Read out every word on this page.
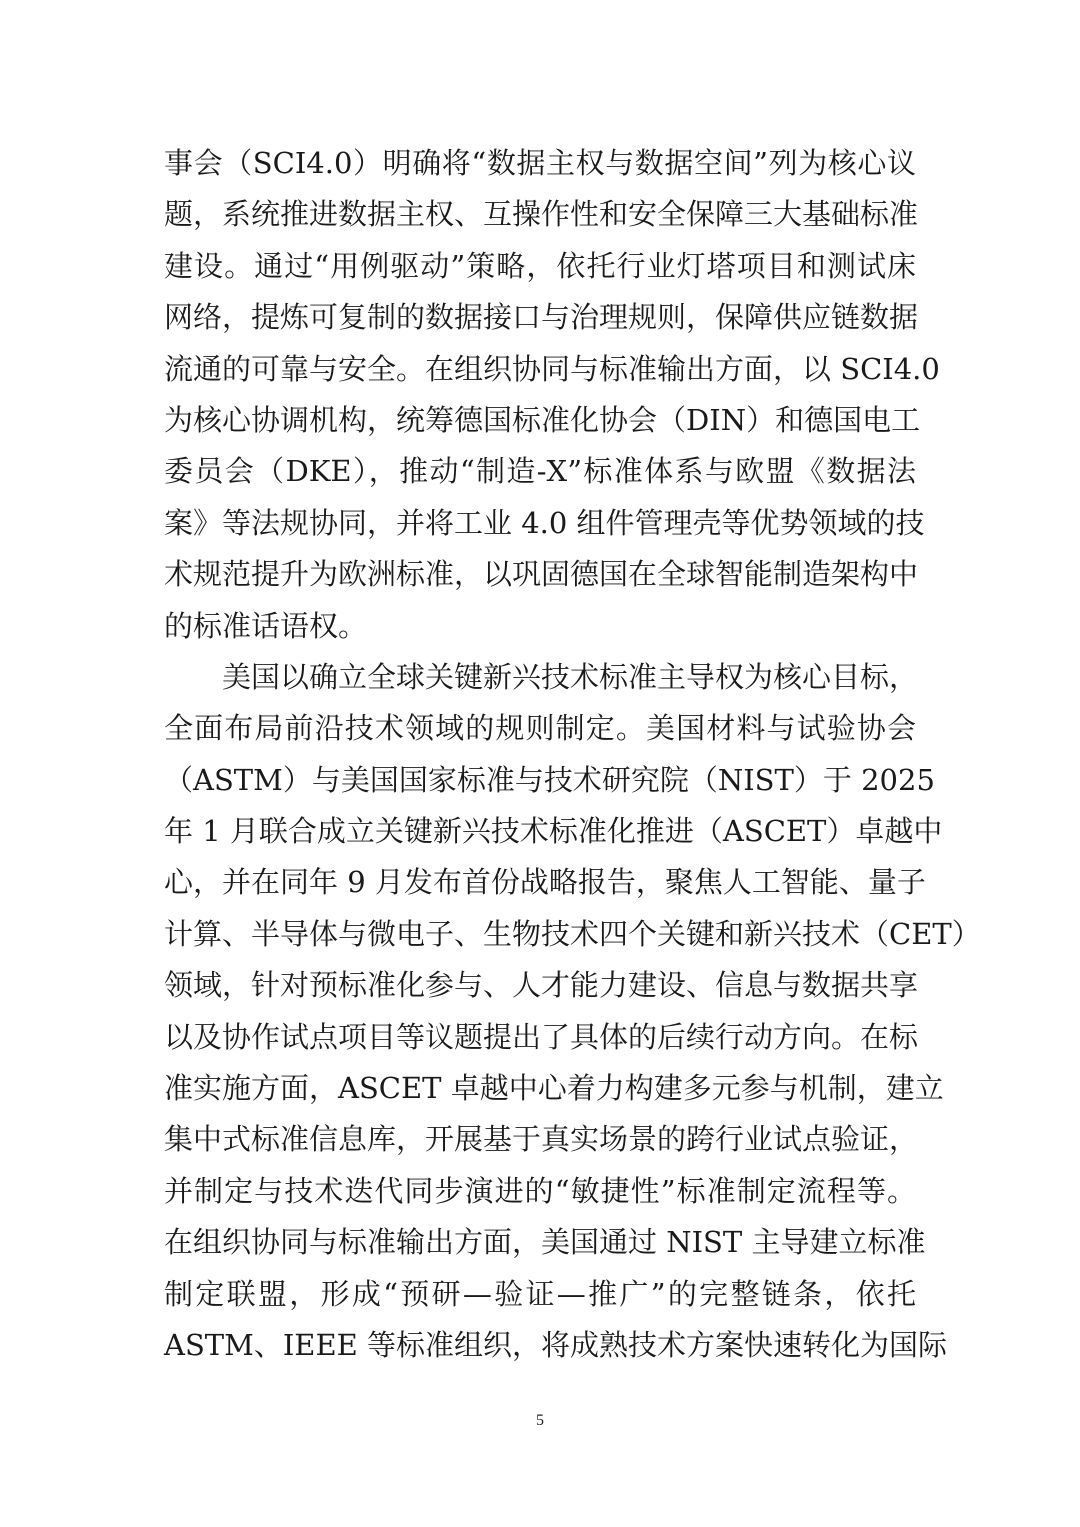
事会（SCI4.0）明确将“数据主权与数据空间”列为核心议
题，系统推进数据主权、互操作性和安全保障三大基础标准
建设。通过“用例驱动”策略，依托行业灯塔项目和测试床
网络，提炼可复制的数据接口与治理规则，保障供应链数据
流通的可靠与安全。在组织协同与标准输出方面，以 SCI4.0
为核心协调机构，统筹德国标准化协会（DIN）和德国电工
委员会（DKE），推动“制造-X”标准体系与欧盟《数据法
案》等法规协同，并将工业 4.0 组件管理壳等优势领域的技
术规范提升为欧洲标准，以巩固德国在全球智能制造架构中
的标准话语权。
美国以确立全球关键新兴技术标准主导权为核心目标，
全面布局前沿技术领域的规则制定。美国材料与试验协会
（ASTM）与美国国家标准与技术研究院（NIST）于 2025
年 1 月联合成立关键新兴技术标准化推进（ASCET）卓越中
心，并在同年 9 月发布首份战略报告，聚焦人工智能、量子
计算、半导体与微电子、生物技术四个关键和新兴技术（CET）
领域，针对预标准化参与、人才能力建设、信息与数据共享
以及协作试点项目等议题提出了具体的后续行动方向。在标
准实施方面，ASCET 卓越中心着力构建多元参与机制，建立
集中式标准信息库，开展基于真实场景的跨行业试点验证，
并制定与技术迭代同步演进的“敏捷性”标准制定流程等。
在组织协同与标准输出方面，美国通过 NIST 主导建立标准
制定联盟，形成“预研—验证—推广”的完整链条，依托
ASTM、IEEE 等标准组织，将成熟技术方案快速转化为国际
5
